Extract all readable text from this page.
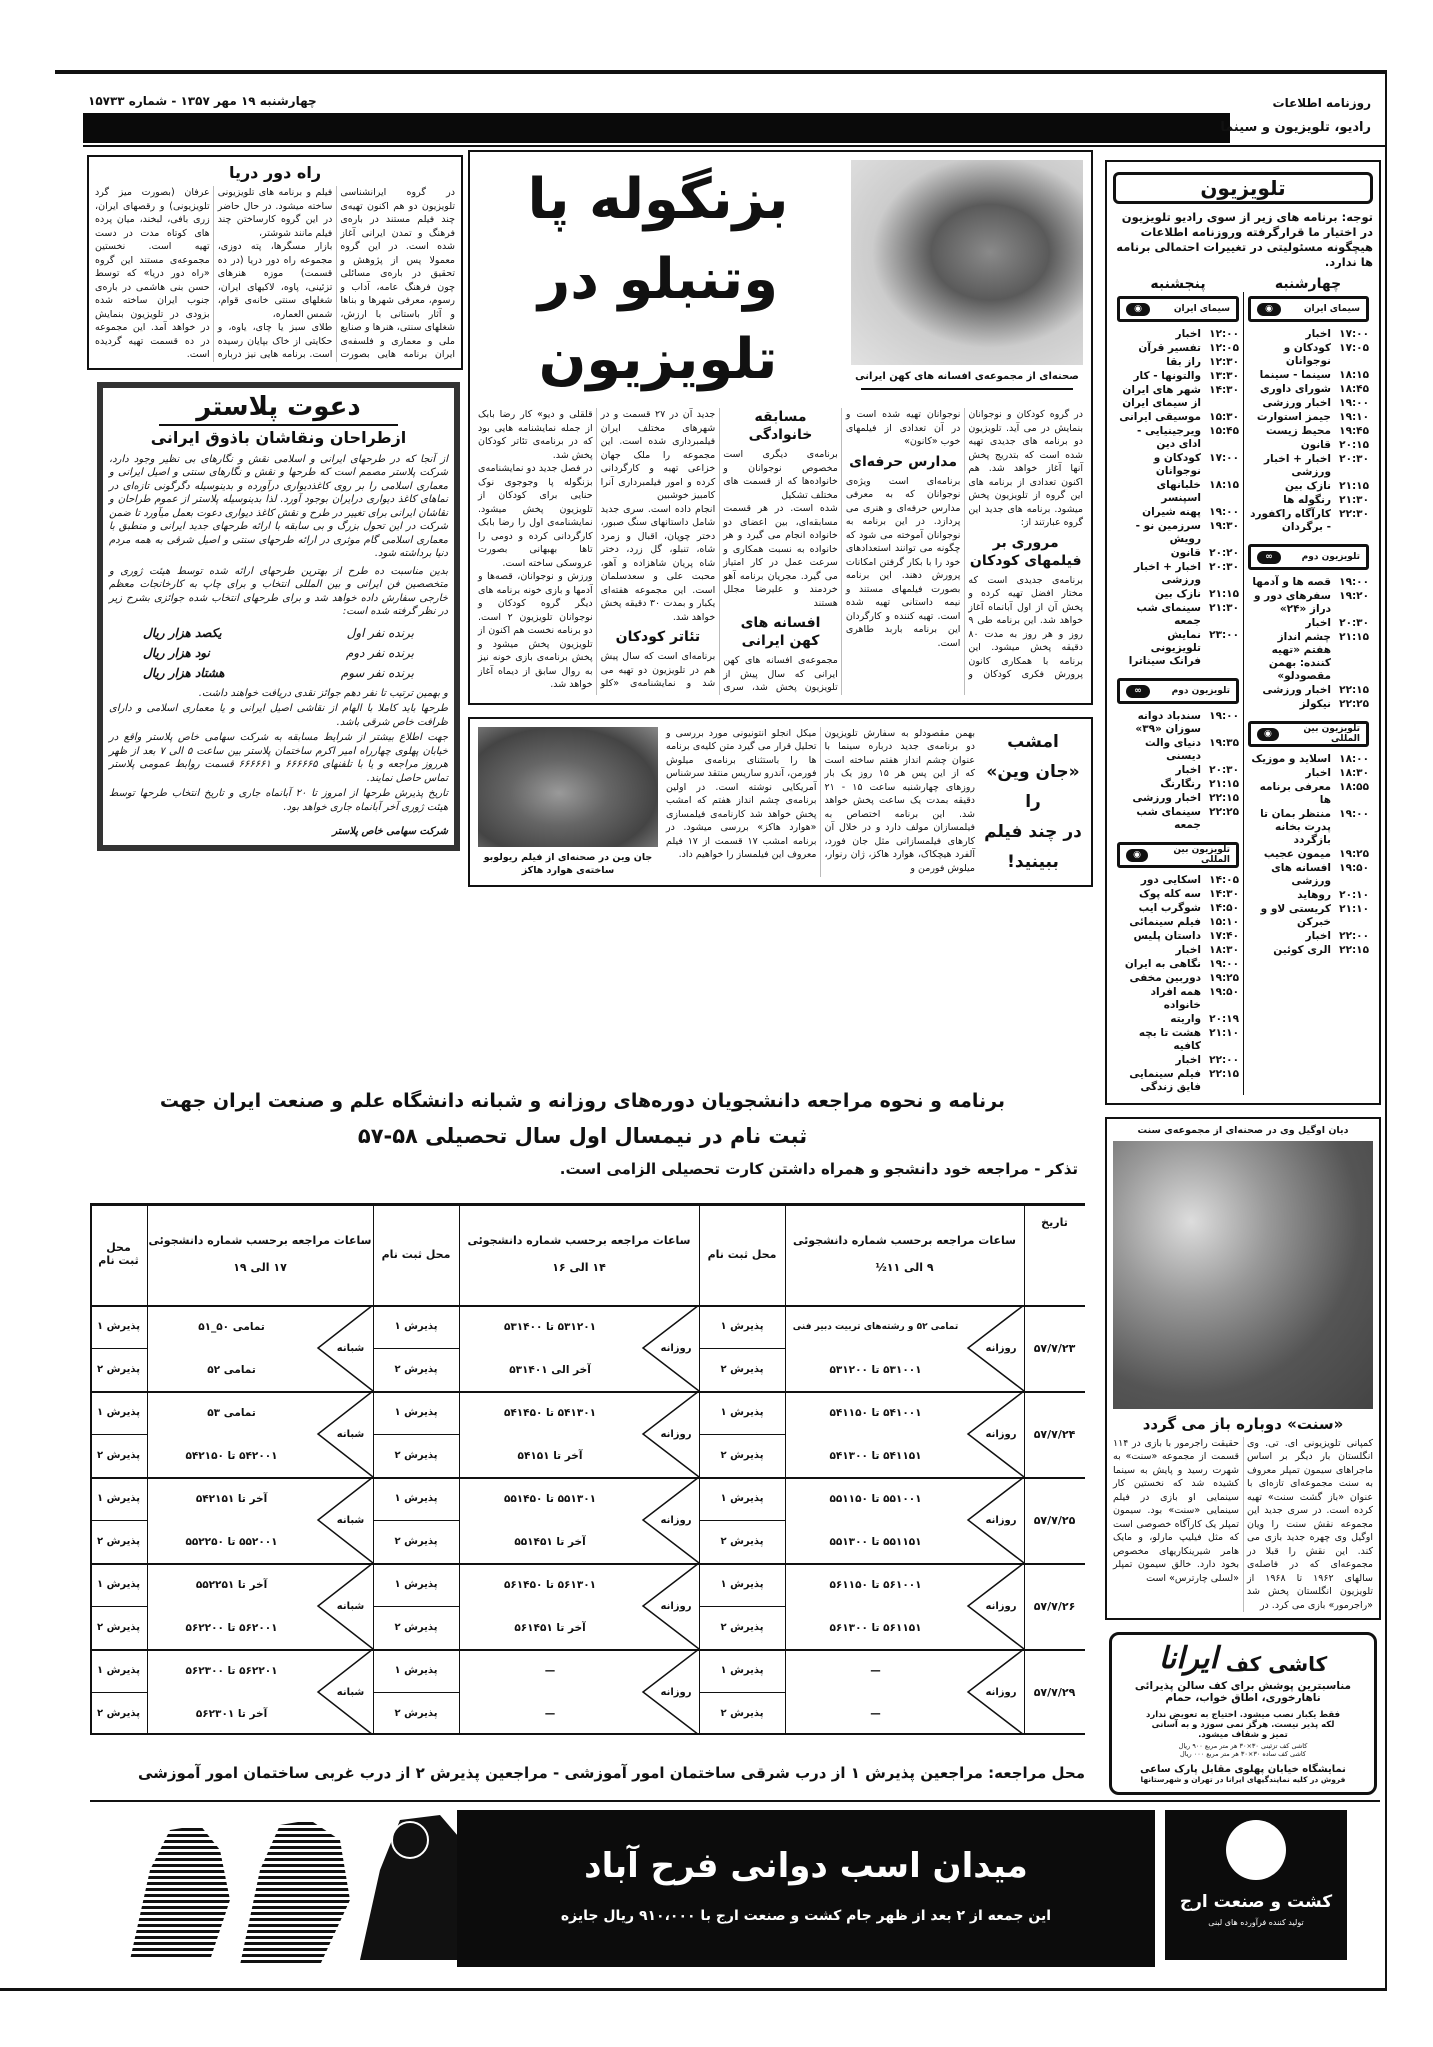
چهارشنبه ۱۹ مهر ۱۳۵۷ - شماره ۱۵۷۳۳	روزنامه اطلاعات
رادیو، تلویزیون و سینما
راه دور دریا
در گروه ایرانشناسی تلویزیون دو هم اکنون تهیه‌ی چند فیلم مستند در باره‌ی فرهنگ و تمدن ایرانی آغاز شده است. در این گروه معمولا پس از پژوهش و تحقیق در باره‌ی مسائلی چون فرهنگ عامه، آداب و رسوم، معرفی شهرها و بناها و آثار باستانی با ارزش، شغلهای سنتی، هنرها و صنایع ملی و معماری و فلسفه‌ی ایران برنامه هایی بصورت فیلم و برنامه های تلویزیونی ساخته میشود. در حال حاضر در این گروه کارساختن چند فیلم مانند شوشتر،
بازار مسگرها، پته دوزی، مجموعه راه دور دریا (در ده قسمت) موزه هنرهای تزئینی، پاوه، لاکیهای ایران، شغلهای سنتی خانه‌ی قوام، شمس العماره،
طلای سبز یا چای، یاوه، و حکایتی از خاک بپایان رسیده است. برنامه هایی نیز درباره عرفان (بصورت میز گرد تلویزیونی) و رقصهای ایران، زری بافی، لبخند، میان پرده های کوتاه مدت در دست تهیه است. نخستین مجموعه‌ی مستند این گروه «راه دور دریا» که توسط حسن بنی هاشمی در باره‌ی جنوب ایران ساخته شده بزودی در تلویزیون بنمایش در خواهد آمد. این مجموعه در ده قسمت تهیه گردیده است.
دعوت پلاستر
ازطراحان ونقاشان باذوق ایرانی
از آنجا که در طرحهای ایرانی و اسلامی نقش و نگارهای بی نظیر وجود دارد، شرکت پلاستر مصمم است که طرحها و نقش و نگارهای سنتی و اصیل ایرانی و معماری اسلامی را بر روی کاغذدیواری درآورده و بدینوسیله دگرگونی تازه‌ای در نماهای کاغذ دیواری درایران بوجود آورد. لذا بدینوسیله پلاستر از عموم طراحان و نقاشان ایرانی برای تغییر در طرح و نقش کاغذ دیواری دعوت بعمل میآورد تا ضمن شرکت در این تحول بزرگ و بی سابقه با ارائه طرحهای جدید ایرانی و منطبق با معماری اسلامی گام موثری در ارائه طرحهای سنتی و اصیل شرقی به همه مردم دنیا برداشته شود.
بدین مناسبت ده طرح از بهترین طرحهای ارائه شده توسط هیئت ژوری و متخصصین فن ایرانی و بین المللی انتخاب و برای چاپ به کارخانجات معظم خارجی سفارش داده خواهد شد و برای طرحهای انتخاب شده جوائزی بشرح زیر در نظر گرفته شده است:
برنده نفر اول
یکصد هزار ریال
برنده نفر دوم
نود هزار ریال
برنده نفر سوم
هشتاد هزار ریال
و بهمین ترتیب تا نفر دهم جوائز نقدی دریافت خواهند داشت.
طرحها باید کاملا با الهام از نقاشی اصیل ایرانی و یا معماری اسلامی و دارای ظرافت خاص شرقی باشد.
جهت اطلاع بیشتر از شرایط مسابقه به شرکت سهامی خاص پلاستر واقع در خیابان پهلوی چهارراه امیر اکرم ساختمان پلاستر بین ساعت ۵ الی ۷ بعد از ظهر هرروز مراجعه و یا با تلفنهای ۶۶۶۶۶۵ و ۶۶۶۶۶۱ قسمت روابط عمومی پلاستر تماس حاصل نمایند.
تاریخ پذیرش طرحها از امروز تا ۲۰ آبانماه جاری و تاریخ انتخاب طرحها توسط هیئت ژوری آخر آبانماه جاری خواهد بود.
شرکت سهامی خاص پلاستر
بزنگوله پا
وتنبلو در
تلویزیون	صحنه‌ای از مجموعه‌ی افسانه های کهن ایرانی
در گروه کودکان و نوجوانان بنمایش در می آید. تلویزیون دو برنامه های جدیدی تهیه شده است که بتدریج پخش آنها آغاز خواهد شد. هم اکنون تعدادی از برنامه های این گروه از تلویزیون پخش میشود. برنامه های جدید این گروه عبارتند از:
مروری بر فیلمهای کودکان
برنامه‌ی جدیدی است که مختار افضل تهیه کرده و پخش آن از اول آبانماه آغاز خواهد شد. این برنامه طی ۹ روز و هر روز به مدت ۸۰ دقیقه پخش میشود. این برنامه با همکاری کانون پرورش فکری کودکان و نوجوانان تهیه شده است و در آن تعدادی از فیلمهای خوب «کانون»
مدارس حرفه‌ای
برنامه‌ای است ویژه‌ی نوجوانان که به معرفی مدارس حرفه‌ای و هنری می پردازد. در این برنامه به نوجوانان آموخته می شود که چگونه می توانند استعدادهای خود را با بکار گرفتن امکانات پرورش دهند. این برنامه بصورت فیلمهای مستند و نیمه داستانی تهیه شده است. تهیه کننده و کارگردان این برنامه باربد طاهری است.
مسابقه خانوادگی
برنامه‌ی دیگری است مخصوص نوجوانان و خانواده‌ها که از قسمت های مختلف تشکیل
شده است. در هر قسمت مسابقه‌ای، بین اعضای دو خانواده انجام می گیرد و هر خانواده به نسبت همکاری و سرعت عمل در کار امتیاز می گیرد. مجریان برنامه آهو خردمند و علیرضا مجلل هستند
افسانه های کهن ایرانی
مجموعه‌ی افسانه های کهن ایرانی که سال پیش از تلویزیون پخش شد، سری جدید آن در ۲۷ قسمت و در شهرهای مختلف ایران فیلمبرداری شده است. این مجموعه را ملک جهان خزاعی تهیه و کارگردانی کرده و امور فیلمبرداری آنرا کامبیز خوشبین
انجام داده است. سری جدید شامل داستانهای سنگ صبور، دختر چوپان، اقبال و زمرد شاه، تنبلو، گل زرد، دختر شاه پریان شاهزاده و آهو، محبت علی و سعدسلمان است. این مجموعه هفته‌ای یکبار و بمدت ۳۰ دقیقه پخش خواهد شد.
تئاتر کودکان
برنامه‌ای است که سال پیش هم در تلویزیون دو تهیه می شد و نمایشنامه‌ی «کلو قلقلی و دیو» کار رضا بابک از جمله نمایشنامه هایی بود که در برنامه‌ی تئاتر کودکان پخش شد.
در فصل جدید دو نمایشنامه‌ی بزنگوله پا وجوجوی نوک حنایی برای کودکان از تلویزیون پخش میشود. نمایشنامه‌ی اول را رضا بابک کارگردانی کرده و دومی را تاها بهبهانی بصورت عروسکی ساخته است.
ورزش و نوجوانان، قصه‌ها و آدمها و بازی خونه برنامه های دیگر گروه کودکان و نوجوانان تلویزیون ۲ است. دو برنامه نخست هم اکنون از تلویزیون پخش میشود و پخش برنامه‌ی بازی خونه نیز به روال سابق از دیماه آغاز خواهد شد.
امشب
«جان وین» را
در چند فیلم
ببینید!
بهمن مقصودلو به سفارش تلویزیون دو برنامه‌ی جدید درباره سینما با عنوان چشم انداز هفتم ساخته است که از این پس هر ۱۵ روز یک بار روزهای چهارشنبه ساعت ۱۵ - ۲۱ دقیقه بمدت یک ساعت پخش خواهد شد. این برنامه اختصاص به فیلمسازان مولف دارد و در خلال آن کارهای فیلمسازانی مثل جان فورد، آلفرد هیچکاک، هوارد هاکز، ژان رنوار، میلوش فورمن و
میکل انجلو انتونیونی مورد بررسی و تحلیل قرار می گیرد متن کلیه‌ی برنامه ها را باستثنای برنامه‌ی میلوش فورمن، آندرو ساریس منتقد سرشناس آمریکایی نوشته است. در اولین برنامه‌ی چشم انداز هفتم که امشب پخش خواهد شد کارنامه‌ی فیلمسازی «هوارد هاکز» بررسی میشود. در برنامه امشب ۱۷ قسمت از ۱۷ فیلم معروف این فیلمساز را خواهیم داد.
جان وین در صحنه‌ای از فیلم ریولوبو ساخته‌ی هوارد هاکز
تلویزیون
توجه: برنامه های زیر از سوی رادیو تلویزیون در اختیار ما قرارگرفته وروزنامه اطلاعات هیچگونه مسئولیتی در تغییرات احتمالی برنامه ها ندارد.
چهارشنبه
پنجشنبه
سیمای ایران
◉
۱۷:۰۰
اخبار
۱۷:۰۵
کودکان و نوجوانان
۱۸:۱۵
سینما - سینما
۱۸:۴۵
شورای داوری
۱۹:۰۰
اخبار ورزشی
۱۹:۱۰
جیمز استوارت
۱۹:۴۵
محیط زیست
۲۰:۱۵
قانون
۲۰:۳۰
اخبار + اخبار ورزشی
۲۱:۱۵
نازک بین
۲۱:۳۰
رنگوله ها
۲۲:۳۰
کارآگاه راکفورد - برگردان
تلویزیون دوم
∞
۱۹:۰۰
قصه ها و آدمها
۱۹:۲۰
سفرهای دور و دراز «۲۴»
۲۰:۳۰
اخبار
۲۱:۱۵
چشم انداز هفتم «تهیه کننده: بهمن مقصودلو»
۲۲:۱۵
اخبار ورزشی
۲۲:۲۵
نیکولز
تلویزیون بین المللی
◉
۱۸:۰۰
اسلاید و موزیک
۱۸:۳۰
اخبار
۱۸:۵۵
معرفی برنامه ها
۱۹:۰۰
منتظر بمان تا پدرت بخانه بازگردد
۱۹:۲۵
میمون عجیب
۱۹:۵۰
افسانه های ورزشی
۲۰:۱۰
روهاید
۲۱:۱۰
کریستی لاو و خبرکن
۲۲:۰۰
اخبار
۲۲:۱۵
الری کوئین
سیمای ایران
◉
۱۲:۰۰
اخبار
۱۲:۰۵
تفسیر قرآن
۱۲:۳۰
راز بقا
۱۳:۳۰
والتونها - کار
۱۴:۳۰
شهر های ایران از سیمای ایران
۱۵:۳۰
موسیقی ایرانی
۱۵:۴۵
ویرجینیایی - ادای دین
۱۷:۰۰
کودکان و نوجوانان
۱۸:۱۵
خلبانهای اسپنسر
۱۹:۰۰
پهنه شیران
۱۹:۳۰
سرزمین نو - رویش
۲۰:۲۰
قانون
۲۰:۳۰
اخبار + اخبار ورزشی
۲۱:۱۵
نازک بین
۲۱:۳۰
سینمای شب جمعه
۲۳:۰۰
نمایش تلویزیونی فرانک سیناترا
تلویزیون دوم
∞
۱۹:۰۰
سندباد دوانه سوزان «۳۹»
۱۹:۳۵
دنیای والت دیسنی
۲۰:۳۰
اخبار
۲۱:۱۵
رنگارنگ
۲۲:۱۵
اخبار ورزشی
۲۲:۲۵
سینمای شب جمعه
تلویزیون بین المللی
◉
۱۴:۰۵
اسکایی دور
۱۴:۳۰
سه کله پوک
۱۴:۵۰
شوگرب ایب
۱۵:۱۰
فیلم سینمائی
۱۷:۴۰
داستان پلیس
۱۸:۳۰
اخبار
۱۹:۰۰
نگاهی به ایران
۱۹:۲۵
دوربین مخفی
۱۹:۵۰
همه افراد خانواده
۲۰:۱۹
واریته
۲۱:۱۰
هشت تا بچه کافیه
۲۲:۰۰
اخبار
۲۲:۱۵
فیلم سینمایی فایق زندگی
دیان اوگیل وی در صحنه‌ای از مجموعه‌ی سنت
«سنت» دوباره باز می گردد
کمپانی تلویزیونی ای. تی. وی انگلستان بار دیگر بر اساس ماجراهای سیمون تمپلر معروف به سنت مجموعه‌ای تازه‌ای با عنوان «باز گشت سنت» تهیه کرده است. در سری جدید این مجموعه نقش سنت را ویان اوگیل وی چهره جدید بازی می کند. این نقش را قبلا در مجموعه‌ای که در فاصله‌ی سالهای ۱۹۶۲ تا ۱۹۶۸ از تلویزیون انگلستان پخش شد «راجرمور» بازی می کرد. در
حقیقت راجرمور با بازی در ۱۱۴ قسمت از مجموعه «سنت» به شهرت رسید و پایش به سینما کشیده شد که نخستین کار سینمایی او بازی در فیلم سینمایی «سنت» بود. سیمون تمپلر یک کارآگاه خصوصی است که مثل فیلیپ مارلو، و مایک هامر شیرینکاریهای مخصوص بخود دارد. خالق سیمون تمپلر «لسلی چارترس» است
کاشی کف
ایرانا
مناسبترین پوشش برای کف سالن پذیرائی
ناهارخوری، اطاق خواب، حمام
فقط یکبار نصب میشود. احتیاج به تعویض ندارد
لکه پذیر نیست. هرگز نمی سوزد و به آسانی
تمیز و شفاف میشود.
کاشی کف تزئینی ۳۰×۳۰ هر متر مربع ۹۰۰ ریال
کاشی کف ساده ۳۰×۳۰ هر متر مربع ۰۰۰ ریال
نمایشگاه خیابان پهلوی مقابل پارک ساعی
فروش در کلیه نمایندگیهای ایرانا در تهران و شهرستانها
برنامه و نحوه مراجعه دانشجویان دوره‌های روزانه و شبانه دانشگاه علم و صنعت ایران جهت
ثبت نام در نیمسال اول سال تحصیلی ۵۸-۵۷
تذکر - مراجعه خود دانشجو و همراه داشتن کارت تحصیلی الزامی است.
تاریخ
ساعات مراجعه برحسب شماره دانشجوئی
۹ الی ۱۱½
محل ثبت نام
ساعات مراجعه برحسب شماره دانشجوئی
۱۴ الی ۱۶
محل ثبت نام
ساعات مراجعه برحسب شماره دانشجوئی
۱۷ الی ۱۹
محل ثبت نام
۵۷/۷/۲۳
روزانه
تمامی ۵۲ و رشته‌های تربیت دبیر فنی
۵۳۱۰۰۱ تا ۵۳۱۲۰۰
پذیرش ۱
پذیرش ۲
روزانه
۵۳۱۲۰۱ تا ۵۳۱۴۰۰
آخر الی ۵۳۱۴۰۱
پذیرش ۱
پذیرش ۲
شبانه
تمامی ۵۰_۵۱
تمامی ۵۲
پذیرش ۱
پذیرش ۲
۵۷/۷/۲۴
روزانه
۵۴۱۰۰۱ تا ۵۴۱۱۵۰
۵۴۱۱۵۱ تا ۵۴۱۳۰۰
پذیرش ۱
پذیرش ۲
روزانه
۵۴۱۳۰۱ تا ۵۴۱۴۵۰
آخر تا ۵۴۱۵۱
پذیرش ۱
پذیرش ۲
شبانه
تمامی ۵۳
۵۴۲۰۰۱ تا ۵۴۲۱۵۰
پذیرش ۱
پذیرش ۲
۵۷/۷/۲۵
روزانه
۵۵۱۰۰۱ تا ۵۵۱۱۵۰
۵۵۱۱۵۱ تا ۵۵۱۳۰۰
پذیرش ۱
پذیرش ۲
روزانه
۵۵۱۳۰۱ تا ۵۵۱۴۵۰
آخر تا ۵۵۱۴۵۱
پذیرش ۱
پذیرش ۲
شبانه
آخر تا ۵۴۲۱۵۱
۵۵۲۰۰۱ تا ۵۵۲۲۵۰
پذیرش ۱
پذیرش ۲
۵۷/۷/۲۶
روزانه
۵۶۱۰۰۱ تا ۵۶۱۱۵۰
۵۶۱۱۵۱ تا ۵۶۱۳۰۰
پذیرش ۱
پذیرش ۲
روزانه
۵۶۱۳۰۱ تا ۵۶۱۴۵۰
آخر تا ۵۶۱۴۵۱
پذیرش ۱
پذیرش ۲
شبانه
آخر تا ۵۵۲۲۵۱
۵۶۲۰۰۱ تا ۵۶۲۲۰۰
پذیرش ۱
پذیرش ۲
۵۷/۷/۲۹
روزانه
—
—
پذیرش ۱
پذیرش ۲
روزانه
—
—
پذیرش ۱
پذیرش ۲
شبانه
۵۶۲۲۰۱ تا ۵۶۲۳۰۰
آخر تا ۵۶۲۳۰۱
پذیرش ۱
پذیرش ۲
محل مراجعه: مراجعین پذیرش ۱ از درب شرقی ساختمان امور آموزشی - مراجعین پذیرش ۲ از درب غربی ساختمان امور آموزشی
میدان اسب دوانی فرح آباد
این جمعه از ۲ بعد از ظهر جام کشت و صنعت ارج با ۹۱۰،۰۰۰ ریال جایزه
کشت و صنعت ارج
تولید کننده فرآورده های لبنی
